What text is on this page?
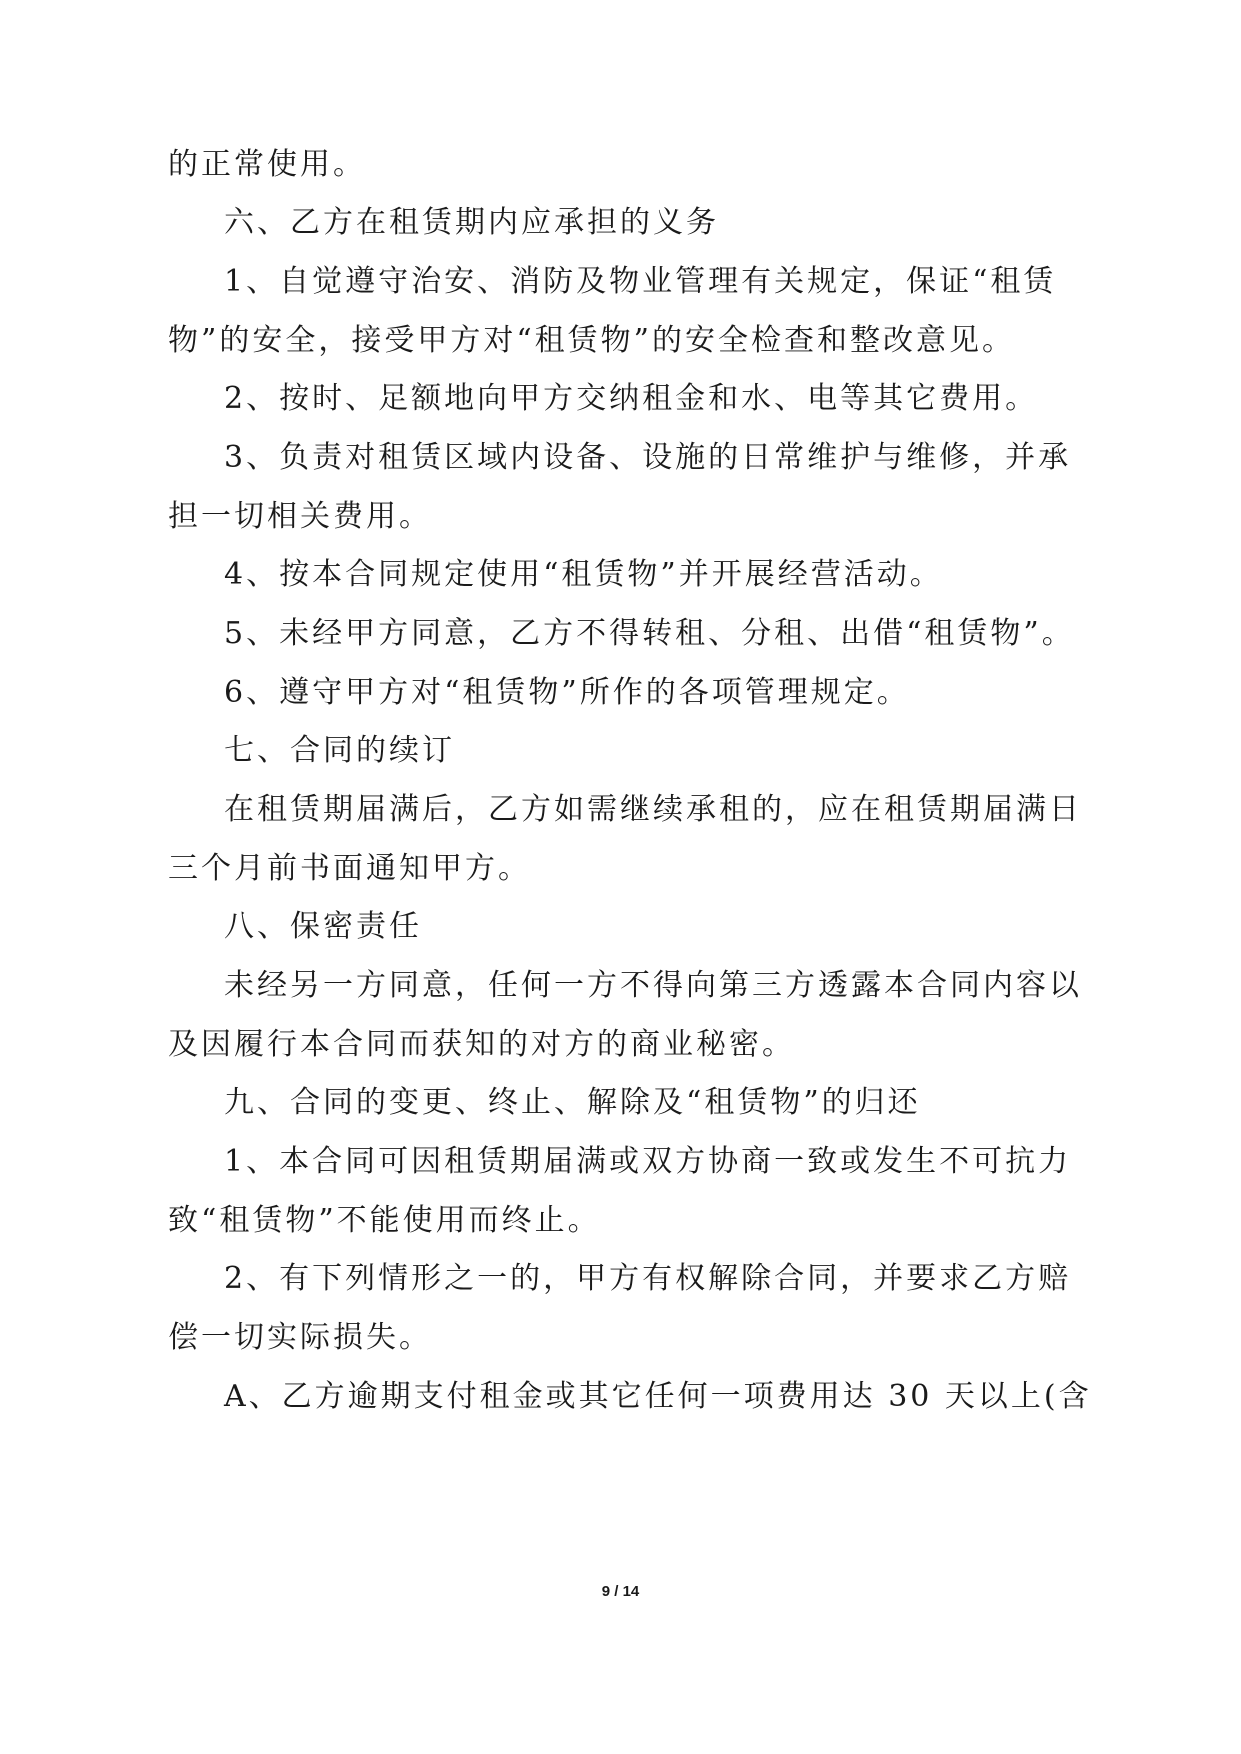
的正常使用。
六、乙方在租赁期内应承担的义务
1、自觉遵守治安、消防及物业管理有关规定，保证“租赁
物”的安全，接受甲方对“租赁物”的安全检查和整改意见。
2、按时、足额地向甲方交纳租金和水、电等其它费用。
3、负责对租赁区域内设备、设施的日常维护与维修，并承
担一切相关费用。
4、按本合同规定使用“租赁物”并开展经营活动。
5、未经甲方同意，乙方不得转租、分租、出借“租赁物”。
6、遵守甲方对“租赁物”所作的各项管理规定。
七、合同的续订
在租赁期届满后，乙方如需继续承租的，应在租赁期届满日
三个月前书面通知甲方。
八、保密责任
未经另一方同意，任何一方不得向第三方透露本合同内容以
及因履行本合同而获知的对方的商业秘密。
九、合同的变更、终止、解除及“租赁物”的归还
1、本合同可因租赁期届满或双方协商一致或发生不可抗力
致“租赁物”不能使用而终止。
2、有下列情形之一的，甲方有权解除合同，并要求乙方赔
偿一切实际损失。
A、乙方逾期支付租金或其它任何一项费用达 30 天以上(含
9 / 14
